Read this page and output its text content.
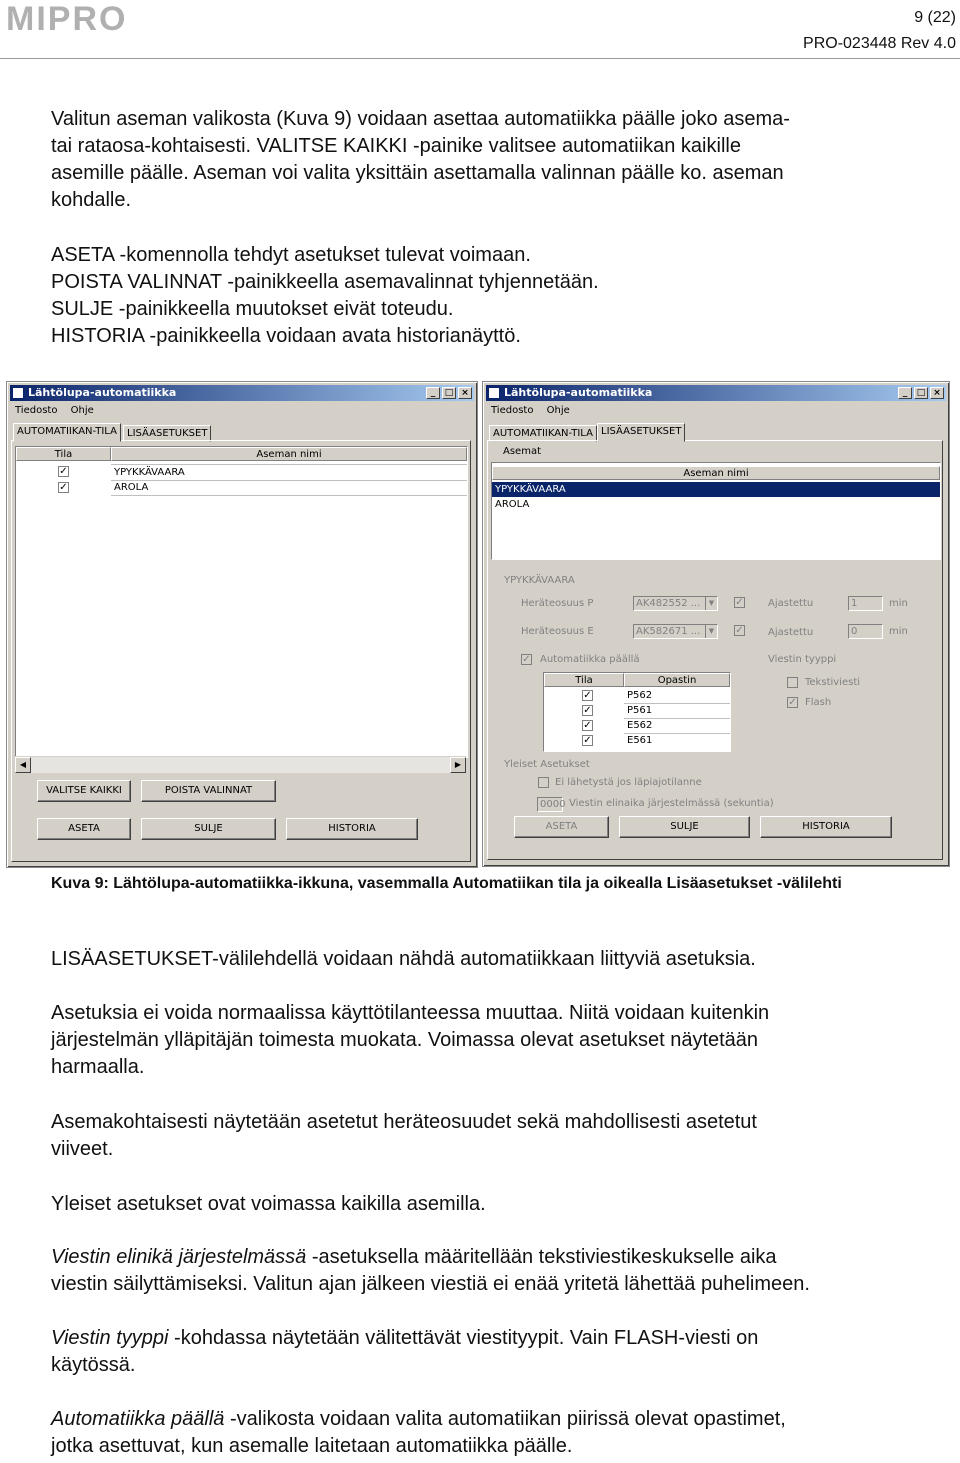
MIPRO	9 (22)
PRO-023448 Rev 4.0

Valitun aseman valikosta (Kuva 9) voidaan asettaa automatiikka päälle joko asema-

tai rataosa-kohtaisesti. VALITSE KAIKKI -painike valitsee automatiikan kaikille

asemille päälle. Aseman voi valita yksittäin asettamalla valinnan päälle ko. aseman

kohdalle.

ASETA -komennolla tehdyt asetukset tulevat voimaan.

POISTA VALINNAT -painikkeella asemavalinnat tyhjennetään.

SULJE -painikkeella muutokset eivät toteudu.

HISTORIA -painikkeella voidaan avata historianäyttö.

Lähtölupa-automatiikka	_	□ ×
Tiedosto Ohje
AUTOMATIIKAN-TILA	LISÄASETUKSET
Tila	Aseman nimi
✓	YPYKKÄVAARA
✓	AROLA
◀	▶
VALITSE KAIKKI	POISTA VALINNAT
ASETA	SULJE	HISTORIA
Lähtölupa-automatiikka	_	□ ×
Tiedosto Ohje
AUTOMATIIKAN-TILA LISÄASETUKSET
Asemat
Aseman nimi
YPYKKÄVAARA
AROLA
YPYKKÄVAARA
Heräteosuus P	AK482552 ...	▼ ✓ Ajastettu	1	min
Heräteosuus E	AK582671 ...	▼ ✓ Ajastettu	0	min
✓ Automatiikka päällä	Viestin tyyppi
Tila	Opastin
✓	P562
✓	P561
✓	E562
✓	E561
Tekstiviesti
✓ Flash
Yleiset Asetukset
Ei lähetystä jos läpiajotilanne
0000 Viestin elinaika järjestelmässä (sekuntia)
ASETA	SULJE	HISTORIA
Kuva 9: Lähtölupa-automatiikka-ikkuna, vasemmalla Automatiikan tila ja oikealla Lisäasetukset -välilehti

LISÄASETUKSET-välilehdellä voidaan nähdä automatiikkaan liittyviä asetuksia.

Asetuksia ei voida normaalissa käyttötilanteessa muuttaa. Niitä voidaan kuitenkin

järjestelmän ylläpitäjän toimesta muokata. Voimassa olevat asetukset näytetään

harmaalla.

Asemakohtaisesti näytetään asetetut heräteosuudet sekä mahdollisesti asetetut

viiveet.

Yleiset asetukset ovat voimassa kaikilla asemilla.

Viestin elinikä järjestelmässä -asetuksella määritellään tekstiviestikeskukselle aika

viestin säilyttämiseksi. Valitun ajan jälkeen viestiä ei enää yritetä lähettää puhelimeen.

Viestin tyyppi -kohdassa näytetään välitettävät viestityypit. Vain FLASH-viesti on

käytössä.

Automatiikka päällä -valikosta voidaan valita automatiikan piirissä olevat opastimet,

jotka asettuvat, kun asemalle laitetaan automatiikka päälle.
